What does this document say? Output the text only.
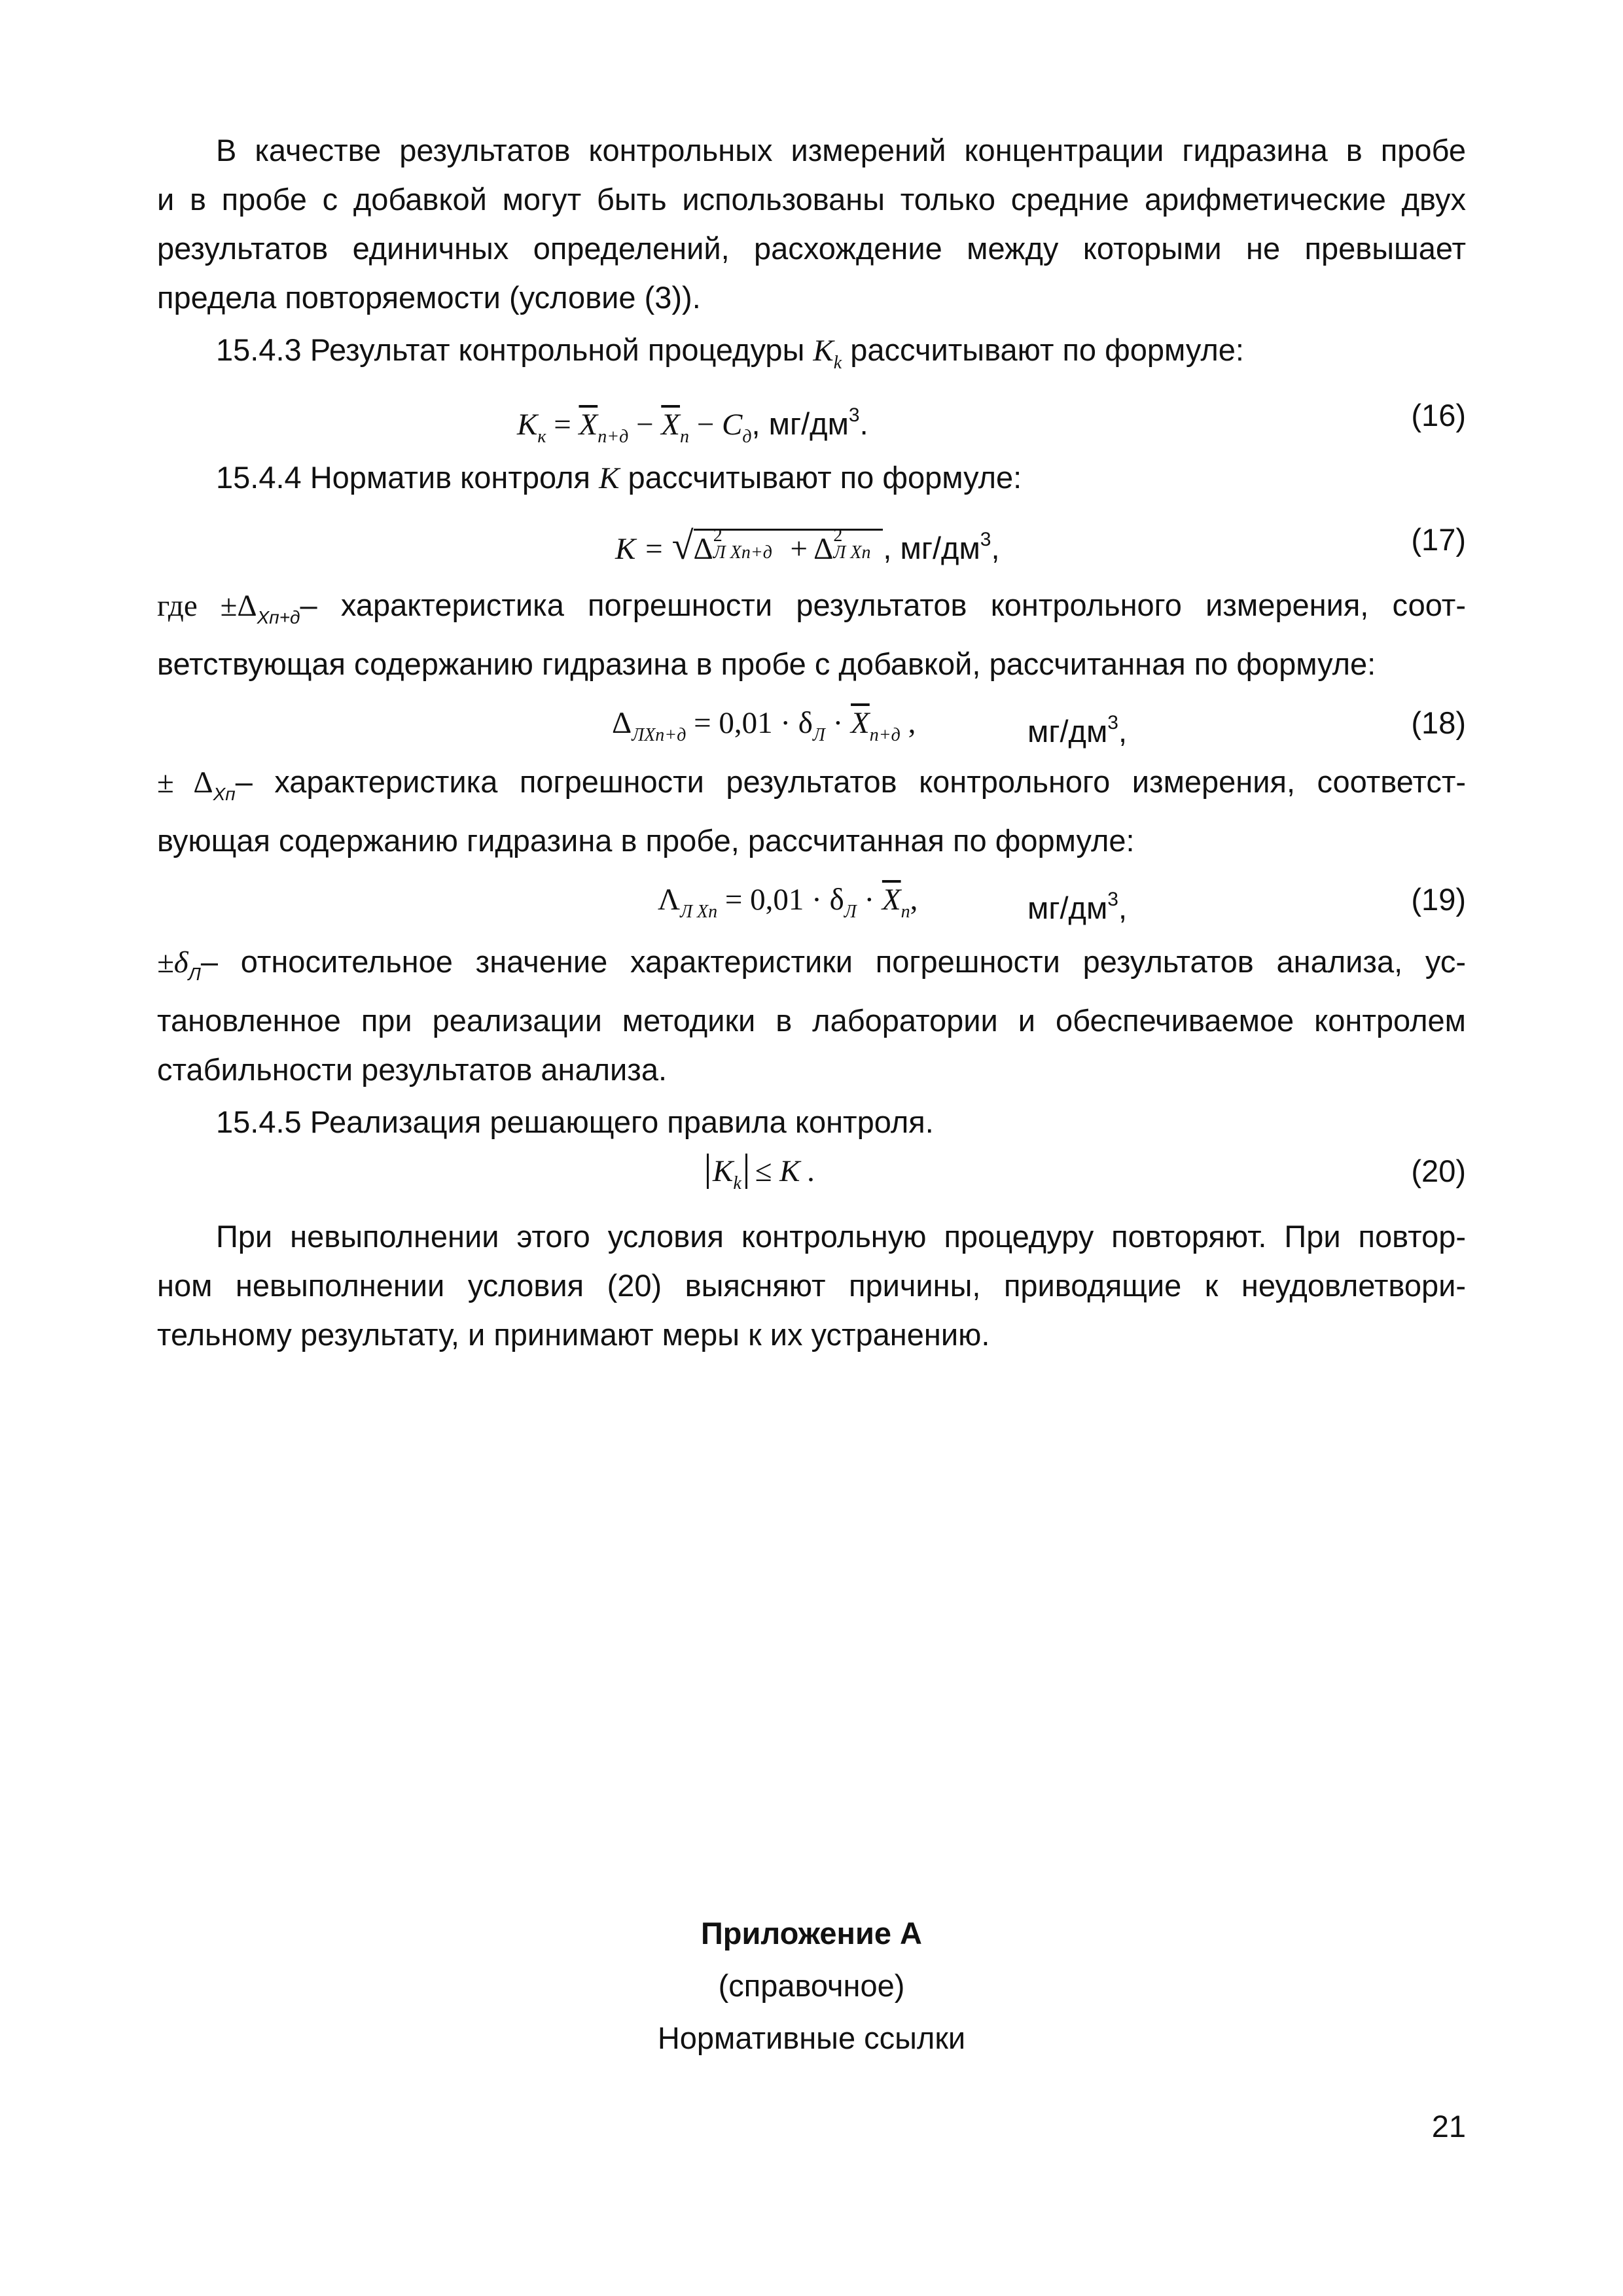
В качестве результатов контрольных измерений концентрации гидразина в пробе
и в пробе с добавкой могут быть использованы только средние арифметические двух
результатов единичных определений, расхождение между которыми не превышает
предела повторяемости (условие (3)).
15.4.3 Результат контрольной процедуры $K_k$ рассчитывают по формуле:
$K_к = \overline{X}_{п+д} - \overline{X}_п - C_д$, $мг/дм^3$.	(16)
15.4.4 Норматив контроля K рассчитывают по формуле:
K = √Δ 2
Л Xп+д + Δ 2
Л Xп , $мг/дм^3$,	(17)
где $\pm\Delta_{Xп+д}-$ характеристика погрешности результатов контрольного измерения, соот-
ветствующая содержанию гидразина в пробе с добавкой, рассчитанная по формуле:
$\Delta_{ЛXп+д} = 0,01 \cdot \delta_Л \cdot \overline{X}_{п+д}$ ,	$мг/дм^3$,	(18)
± $\Delta_{Xп}-$ характеристика погрешности результатов контрольного измерения, соответст-
вующая содержанию гидразина в пробе, рассчитанная по формуле:
$\Lambda_{Л Xп} = 0,01 \cdot \delta_Л \cdot \overline{X}_п$,	$мг/дм^3$,	(19)
$\pm\delta_Л-$ относительное значение характеристики погрешности результатов анализа, ус-
тановленное при реализации методики в лаборатории и обеспечиваемое контролем
стабильности результатов анализа.
15.4.5 Реализация решающего правила контроля.
$K_k \le K$ .	(20)
При невыполнении этого условия контрольную процедуру повторяют. При повтор-
ном невыполнении условия (20) выясняют причины, приводящие к неудовлетвори-
тельному результату, и принимают меры к их устранению.
Приложение А
(справочное)
Нормативные ссылки
21
